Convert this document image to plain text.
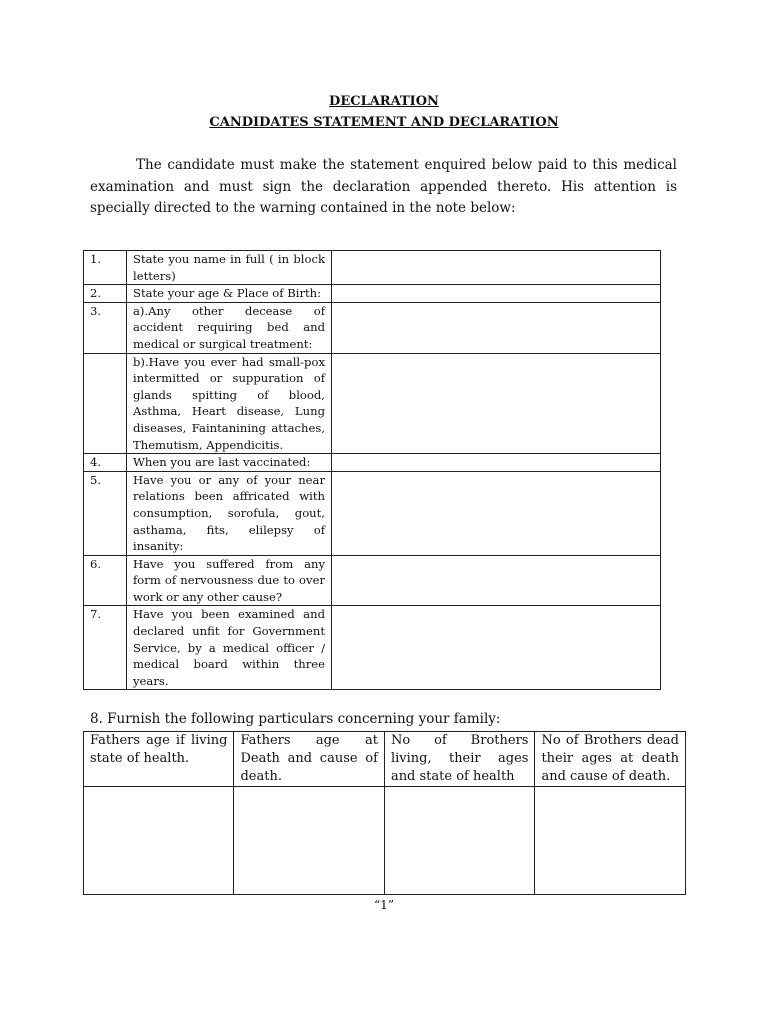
DECLARATION
CANDIDATES STATEMENT AND DECLARATION

The candidate must make the statement enquired below paid to this medical examination and must sign the declaration appended thereto. His attention is specially directed to the warning contained in the note below:

1.	State you name in full ( in block letters)	
2.	State your age & Place of Birth:	
3.	a).Any other decease of accident requiring bed and medical or surgical treatment:	
	b).Have you ever had small-pox intermitted or suppuration of glands spitting of blood, Asthma, Heart disease, Lung diseases, Faintanining attaches, Themutism, Appendicitis.	
4.	When you are last vaccinated:	
5.	Have you or any of your near relations been affricated with consumption, sorofula, gout, asthama, fits, elilepsy of insanity:	
6.	Have you suffered from any form of nervousness due to over work or any other cause?	
7.	Have you been examined and declared unfit for Government Service, by a medical officer / medical board within three years.	

8. Furnish the following particulars concerning your family:

Fathers age if living state of health.	Fathers age at Death and cause of death.	No of Brothers living, their ages and state of health	No of Brothers dead their ages at death and cause of death.

“1”
